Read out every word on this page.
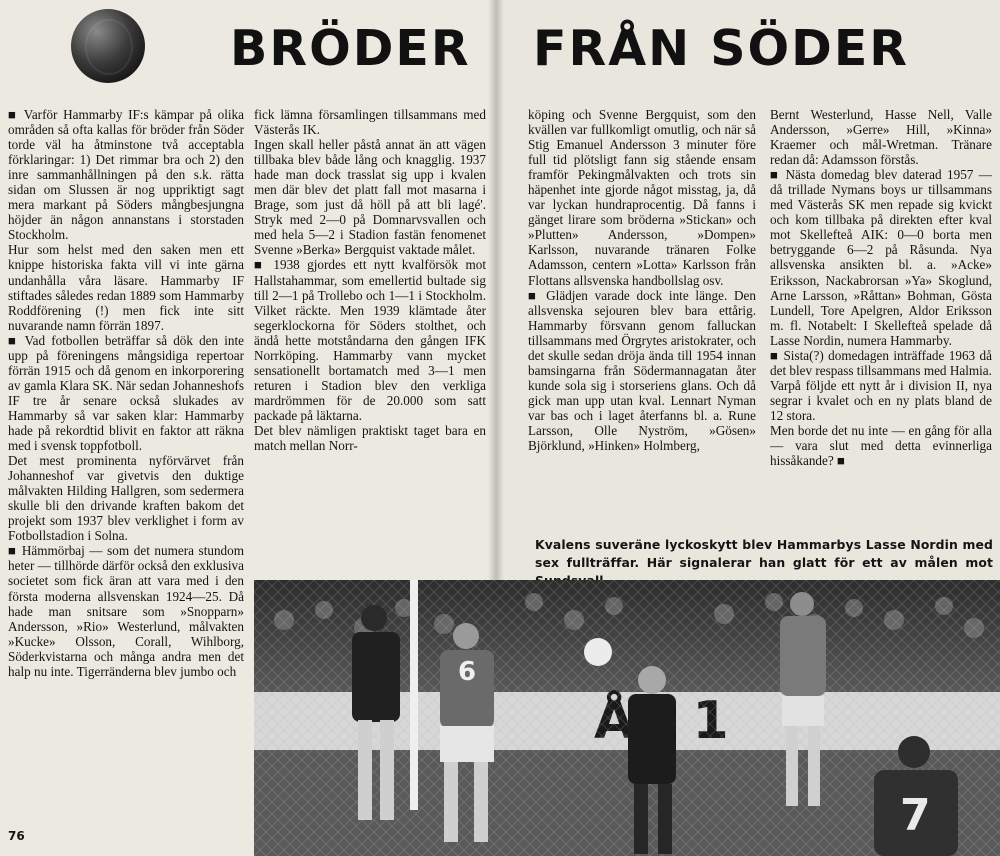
BRÖDER FRÅN SÖDER
■ Varför Hammarby IF:s kämpar på olika områden så ofta kallas för bröder från Söder torde väl ha åtminstone två acceptabla förklaringar: 1) Det rimmar bra och 2) den inre sammanhållningen på den s.k. rätta sidan om Slussen är nog uppriktigt sagt mera markant på Söders mångbesjungna höjder än någon annanstans i storstaden Stockholm.
Hur som helst med den saken men ett knippe historiska fakta vill vi inte gärna undanhålla våra läsare. Hammarby IF stiftades således redan 1889 som Hammarby Roddförening (!) men fick inte sitt nuvarande namn förrän 1897.
■ Vad fotbollen beträffar så dök den inte upp på föreningens mångsidiga repertoar förrän 1915 och då genom en inkorporering av gamla Klara SK. När sedan Johanneshofs IF tre år senare också slukades av Hammarby så var saken klar: Hammarby hade på rekordtid blivit en faktor att räkna med i svensk toppfotboll.
Det mest prominenta nyförvärvet från Johanneshof var givetvis den duktige målvakten Hilding Hallgren, som sedermera skulle bli den drivande kraften bakom det projekt som 1937 blev verklighet i form av Fotbollstadion i Solna.
■ Hämmörbaj — som det numera stundom heter — tillhörde därför också den exklusiva societet som fick äran att vara med i den första moderna allsvenskan 1924—25. Då hade man snitsare som »Snopparn» Andersson, »Rio» Westerlund, målvakten »Kucke» Olsson, Corall, Wihlborg, Söderkvistarna och många andra men det halp nu inte. Tigerränderna blev jumbo och
fick lämna församlingen tillsammans med Västerås IK.
Ingen skall heller påstå annat än att vägen tillbaka blev både lång och knagglig. 1937 hade man dock trasslat sig upp i kvalen men där blev det platt fall mot masarna i Brage, som just då höll på att bli lagé'. Stryk med 2—0 på Domnarvsvallen och med hela 5—2 i Stadion fastän fenomenet Svenne »Berka» Bergquist vaktade målet.
■ 1938 gjordes ett nytt kvalförsök mot Hallstahammar, som emellertid bultade sig till 2—1 på Trollebo och 1—1 i Stockholm. Vilket räckte. Men 1939 klämtade åter segerklockorna för Söders stolthet, och ändå hette motståndarna den gången IFK Norrköping. Hammarby vann mycket sensationellt bortamatch med 3—1 men returen i Stadion blev den verkliga mardrömmen för de 20.000 som satt packade på läktarna.
Det blev nämligen praktiskt taget bara en match mellan Norr-
köping och Svenne Bergquist, som den kvällen var fullkomligt omutlig, och när så Stig Emanuel Andersson 3 minuter före full tid plötsligt fann sig stående ensam framför Pekingmålvakten och trots sin häpenhet inte gjorde något misstag, ja, då var lyckan hundraprocentig. Då fanns i gänget lirare som bröderna »Stickan» och »Plutten» Andersson, »Dompen» Karlsson, nuvarande tränaren Folke Adamsson, centern »Lotta» Karlsson från Flottans allsvenska handbollslag osv.
■ Glädjen varade dock inte länge. Den allsvenska sejouren blev bara ettårig. Hammarby försvann genom falluckan tillsammans med Örgrytes aristokrater, och det skulle sedan dröja ända till 1954 innan bamsingarna från Södermannagatan åter kunde sola sig i storseriens glans. Och då gick man upp utan kval. Lennart Nyman var bas och i laget återfanns bl. a. Rune Larsson, Olle Nyström, »Gösen» Björklund, »Hinken» Holmberg,
Bernt Westerlund, Hasse Nell, Valle Andersson, »Gerre» Hill, »Kinna» Kraemer och mål-Wretman. Tränare redan då: Adamsson förstås.
■ Nästa domedag blev daterad 1957 — då trillade Nymans boys ur tillsammans med Västerås SK men repade sig kvickt och kom tillbaka på direkten efter kval mot Skellefteå AIK: 0—0 borta men betryggande 6—2 på Råsunda. Nya allsvenska ansikten bl. a. »Acke» Eriksson, Nackabrorsan »Ya» Skoglund, Arne Larsson, »Råttan» Bohman, Gösta Lundell, Tore Apelgren, Aldor Eriksson m. fl. Notabelt: I Skellefteå spelade då Lasse Nordin, numera Hammarby.
■ Sista(?) domedagen inträffade 1963 då det blev respass tillsammans med Halmia.
Varpå följde ett nytt år i division II, nya segrar i kvalet och en ny plats bland de 12 stora.
Men borde det nu inte — en gång för alla — vara slut med detta evinnerliga hissåkande? ■
Kvalens suveräne lyckoskytt blev Hammarbys Lasse Nordin med sex fullträffar. Här signalerar han glatt för ett av målen mot
6
7
76
